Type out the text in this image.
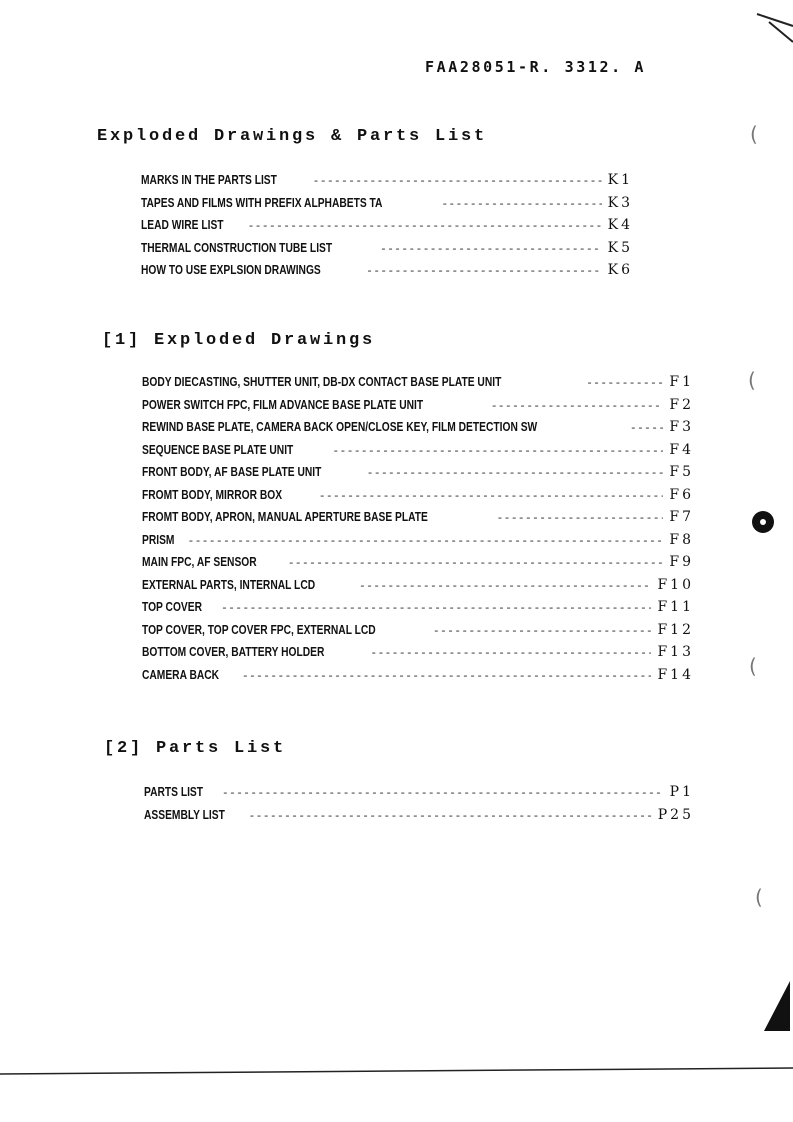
(
(
(
(
FAA28051-R. 3312. A
Exploded Drawings & Parts List
MARKS IN THE PARTS LIST -----	K1
TAPES AND FILMS WITH PREFIX ALPHABETS TA -----	K3
LEAD WIRE LIST -----	K4
THERMAL CONSTRUCTION TUBE LIST -----	K5
HOW TO USE EXPLSION DRAWINGS -----	K6
[1] Exploded Drawings
BODY DIECASTING, SHUTTER UNIT, DB-DX CONTACT BASE PLATE UNIT -----	F1
POWER SWITCH FPC, FILM ADVANCE BASE PLATE UNIT -----	F2
REWIND BASE PLATE, CAMERA BACK OPEN/CLOSE KEY, FILM DETECTION SW -----	F3
SEQUENCE BASE PLATE UNIT -----	F4
FRONT BODY, AF BASE PLATE UNIT -----	F5
FROMT BODY, MIRROR BOX -----	F6
FROMT BODY, APRON, MANUAL APERTURE BASE PLATE -----	F7
PRISM -----	F8
MAIN FPC, AF SENSOR -----	F9
EXTERNAL PARTS, INTERNAL LCD -----	F10
TOP COVER -----	F11
TOP COVER, TOP COVER FPC, EXTERNAL LCD -----	F12
BOTTOM COVER, BATTERY HOLDER -----	F13
CAMERA BACK -----	F14
[2] Parts List
PARTS LIST -----	P1
ASSEMBLY LIST -----	P25
